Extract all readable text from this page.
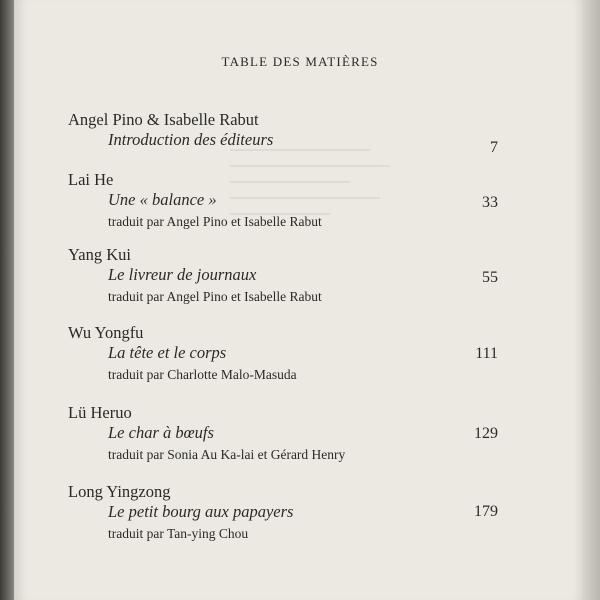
TABLE DES MATIÈRES
Angel Pino & Isabelle Rabut
Introduction des éditeurs	7
Lai He
Une « balance »
traduit par Angel Pino et Isabelle Rabut
33
Yang Kui
Le livreur de journaux
traduit par Angel Pino et Isabelle Rabut
55
Wu Yongfu
La tête et le corps
traduit par Charlotte Malo-Masuda
111
Lü Heruo
Le char à bœufs
traduit par Sonia Au Ka-lai et Gérard Henry
129
Long Yingzong
Le petit bourg aux papayers
traduit par Tan-ying Chou
179
